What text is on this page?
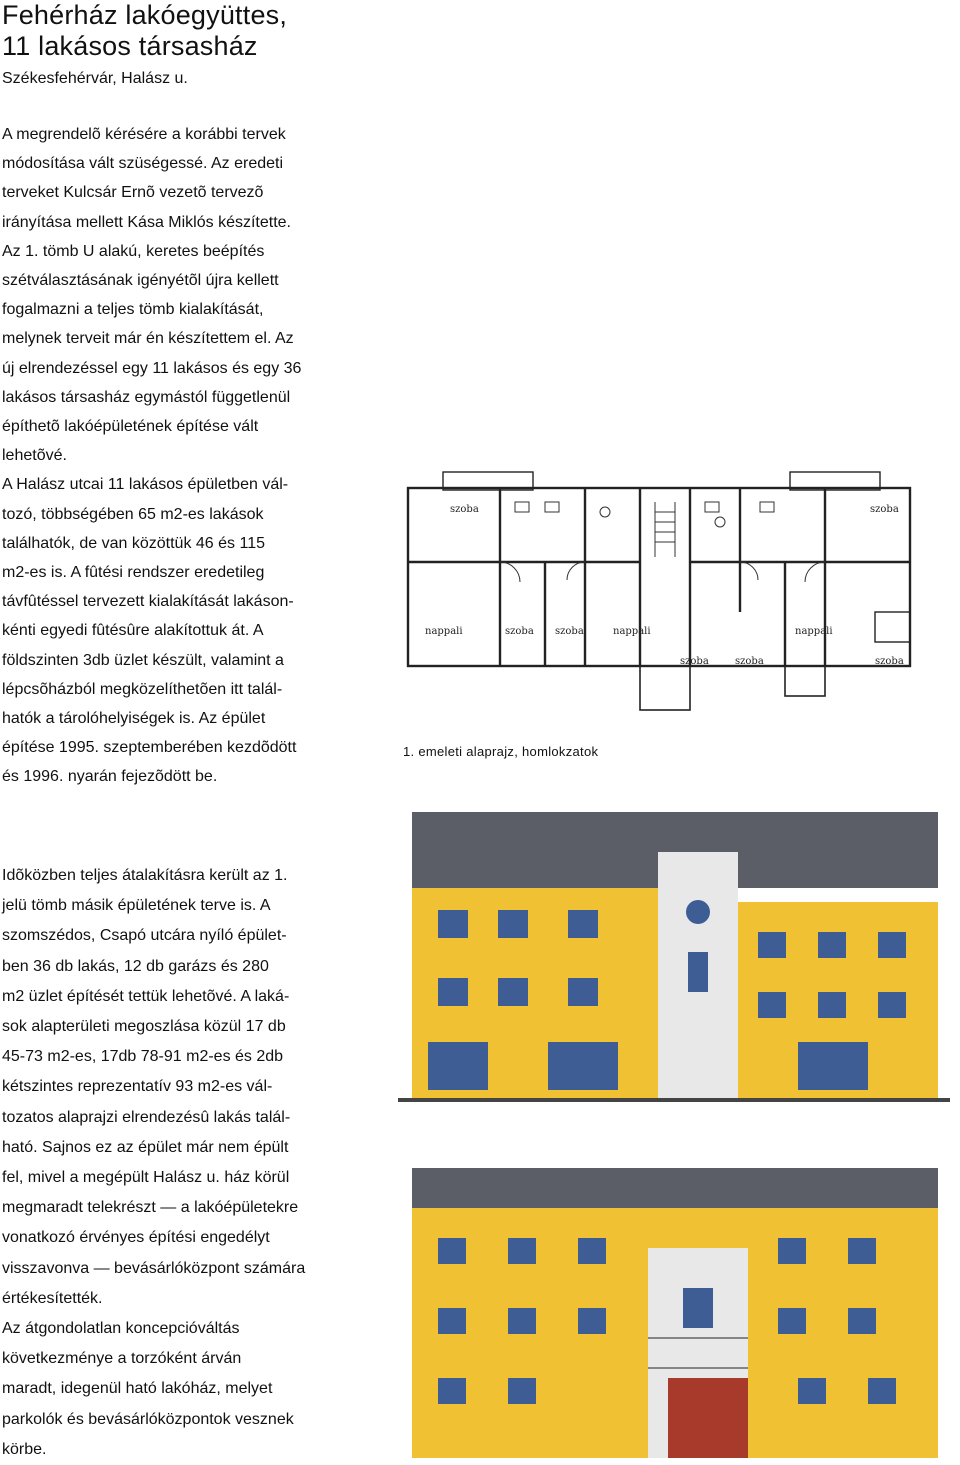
Fehérház lakóegyüttes,
11 lakásos társasház
Székesfehérvár, Halász u.

A megrendelõ kérésére a korábbi tervek

módosítása vált szüségessé. Az eredeti

terveket Kulcsár Ernõ vezetõ tervezõ

irányítása mellett Kása Miklós készítette.

Az 1. tömb U alakú, keretes beépítés

szétválasztásának igényétõl újra kellett

fogalmazni a teljes tömb kialakítását,

melynek terveit már én készítettem el. Az

új elrendezéssel egy 11 lakásos és egy 36

lakásos társasház egymástól függetlenül

építhetõ lakóépületének építése vált

lehetõvé.

A Halász utcai 11 lakásos épületben vál-

tozó, többségében 65 m2-es lakások

találhatók, de van közöttük 46 és 115

m2-es is. A fûtési rendszer eredetileg

távfûtéssel tervezett kialakítását lakáson-

kénti egyedi fûtésûre alakítottuk át. A

földszinten 3db üzlet készült, valamint a

lépcsõházból megközelíthetõen itt talál-

hatók a tárolóhelyiségek is. Az épület

építése 1995. szeptemberében kezdõdött

és 1996. nyarán fejezõdött be.

Idõközben teljes átalakításra került az 1.

jelü tömb másik épületének terve is. A

szomszédos, Csapó utcára nyíló épület-

ben 36 db lakás, 12 db garázs és 280

m2 üzlet építését tettük lehetõvé. A laká-

sok alapterületi megoszlása közül 17 db

45-73 m2-es, 17db 78-91 m2-es és 2db

kétszintes reprezentatív 93 m2-es vál-

tozatos alaprajzi elrendezésû lakás talál-

ható. Sajnos ez az épület már nem épült

fel, mivel a megépült Halász u. ház körül

megmaradt telekrészt — a lakóépületekre

vonatkozó érvényes építési engedélyt

visszavonva — bevásárlóközpont számára

értékesítették.

Az átgondolatlan koncepcióváltás

következménye a torzóként árván

maradt, idegenül ható lakóház, melyet

parkolók és bevásárlóközpontok vesznek

körbe.

szoba	szoba
nappali	szoba szoba	nappali	nappali
szoba	szoba	szoba
1. emeleti alaprajz, homlokzatok
